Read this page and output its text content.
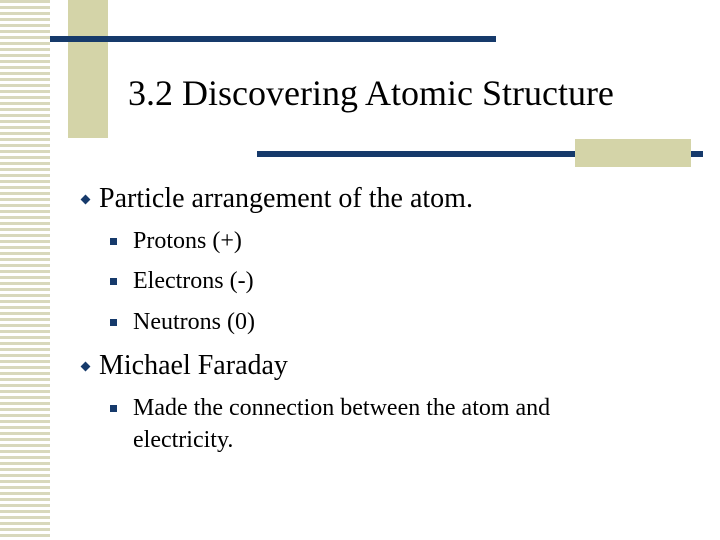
3.2 Discovering Atomic Structure
Particle arrangement of the atom.
Protons (+)
Electrons (-)
Neutrons (0)
Michael Faraday
Made the connection between the atom and electricity.
